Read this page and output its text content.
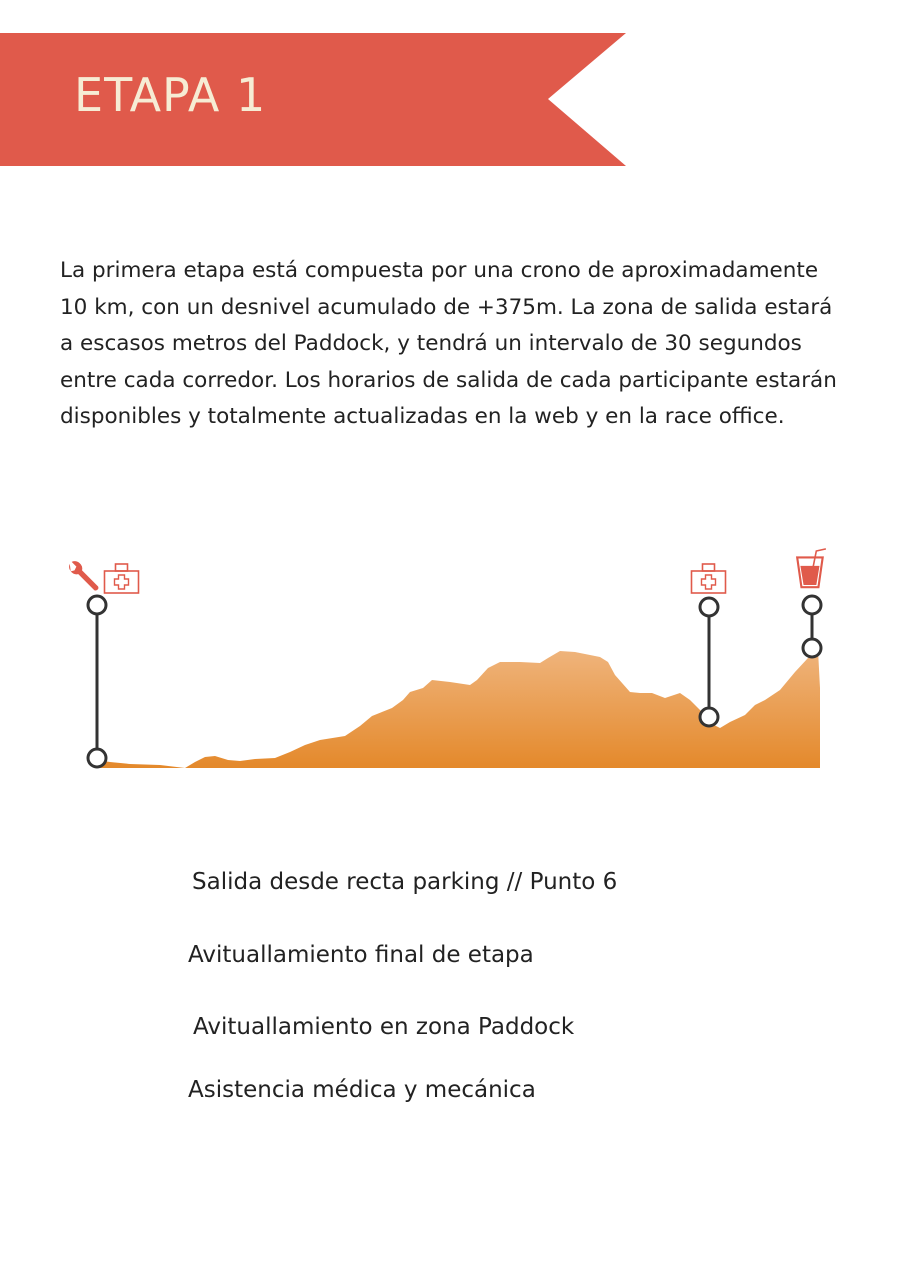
ETAPA 1
La primera etapa está compuesta por una crono de aproximadamente 10 km, con un desnivel acumulado de +375m. La zona de salida estará a escasos metros del Paddock, y tendrá un intervalo de 30 segundos entre cada corredor. Los horarios de salida de cada participante estarán disponibles y totalmente actualizadas en la web y en la race office.
Salida desde recta parking // Punto 6
Avituallamiento final de etapa
Avituallamiento en zona Paddock
Asistencia médica y mecánica
